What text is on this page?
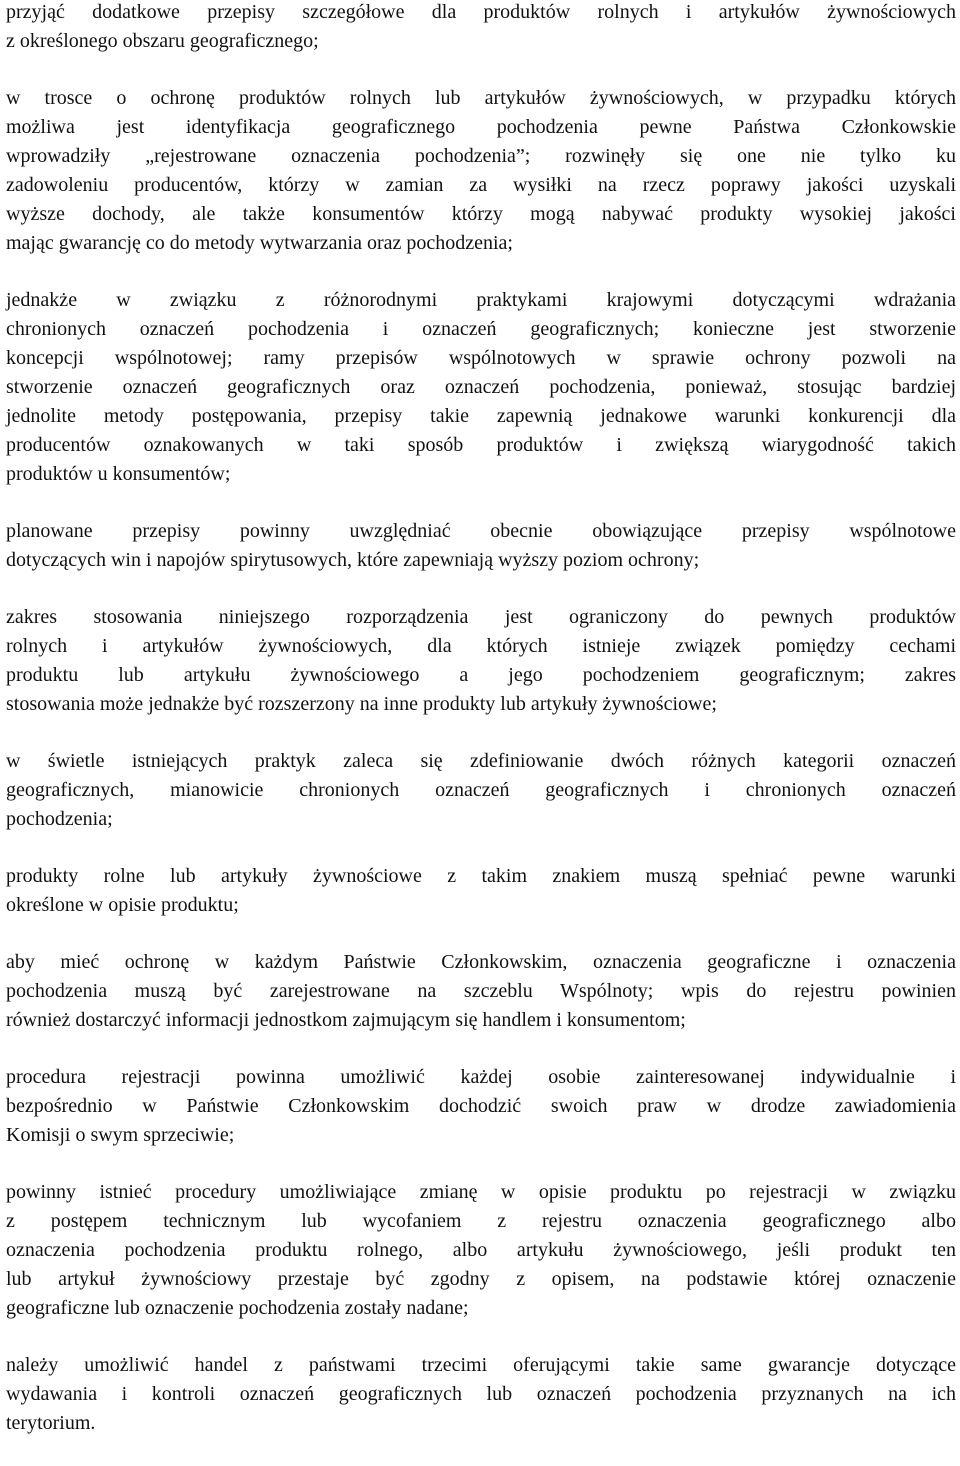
przyjąć dodatkowe przepisy szczegółowe dla produktów rolnych i artykułów żywnościowych
z określonego obszaru geograficznego;
w trosce o ochronę produktów rolnych lub artykułów żywnościowych, w przypadku których
możliwa jest identyfikacja geograficznego pochodzenia pewne Państwa Członkowskie
wprowadziły „rejestrowane oznaczenia pochodzenia”; rozwinęły się one nie tylko ku
zadowoleniu producentów, którzy w zamian za wysiłki na rzecz poprawy jakości uzyskali
wyższe dochody, ale także konsumentów którzy mogą nabywać produkty wysokiej jakości
mając gwarancję co do metody wytwarzania oraz pochodzenia;
jednakże w związku z różnorodnymi praktykami krajowymi dotyczącymi wdrażania
chronionych oznaczeń pochodzenia i oznaczeń geograficznych; konieczne jest stworzenie
koncepcji wspólnotowej; ramy przepisów wspólnotowych w sprawie ochrony pozwoli na
stworzenie oznaczeń geograficznych oraz oznaczeń pochodzenia, ponieważ, stosując bardziej
jednolite metody postępowania, przepisy takie zapewnią jednakowe warunki konkurencji dla
producentów oznakowanych w taki sposób produktów i zwiększą wiarygodność takich
produktów u konsumentów;
planowane przepisy powinny uwzględniać obecnie obowiązujące przepisy wspólnotowe
dotyczących win i napojów spirytusowych, które zapewniają wyższy poziom ochrony;
zakres stosowania niniejszego rozporządzenia jest ograniczony do pewnych produktów
rolnych i artykułów żywnościowych, dla których istnieje związek pomiędzy cechami
produktu lub artykułu żywnościowego a jego pochodzeniem geograficznym; zakres
stosowania może jednakże być rozszerzony na inne produkty lub artykuły żywnościowe;
w świetle istniejących praktyk zaleca się zdefiniowanie dwóch różnych kategorii oznaczeń
geograficznych, mianowicie chronionych oznaczeń geograficznych i chronionych oznaczeń
pochodzenia;
produkty rolne lub artykuły żywnościowe z takim znakiem muszą spełniać pewne warunki
określone w opisie produktu;
aby mieć ochronę w każdym Państwie Członkowskim, oznaczenia geograficzne i oznaczenia
pochodzenia muszą być zarejestrowane na szczeblu Wspólnoty; wpis do rejestru powinien
również dostarczyć informacji jednostkom zajmującym się handlem i konsumentom;
procedura rejestracji powinna umożliwić każdej osobie zainteresowanej indywidualnie i
bezpośrednio w Państwie Członkowskim dochodzić swoich praw w drodze zawiadomienia
Komisji o swym sprzeciwie;
powinny istnieć procedury umożliwiające zmianę w opisie produktu po rejestracji w związku
z postępem technicznym lub wycofaniem z rejestru oznaczenia geograficznego albo
oznaczenia pochodzenia produktu rolnego, albo artykułu żywnościowego, jeśli produkt ten
lub artykuł żywnościowy przestaje być zgodny z opisem, na podstawie której oznaczenie
geograficzne lub oznaczenie pochodzenia zostały nadane;
należy umożliwić handel z państwami trzecimi oferującymi takie same gwarancje dotyczące
wydawania i kontroli oznaczeń geograficznych lub oznaczeń pochodzenia przyznanych na ich
terytorium.
